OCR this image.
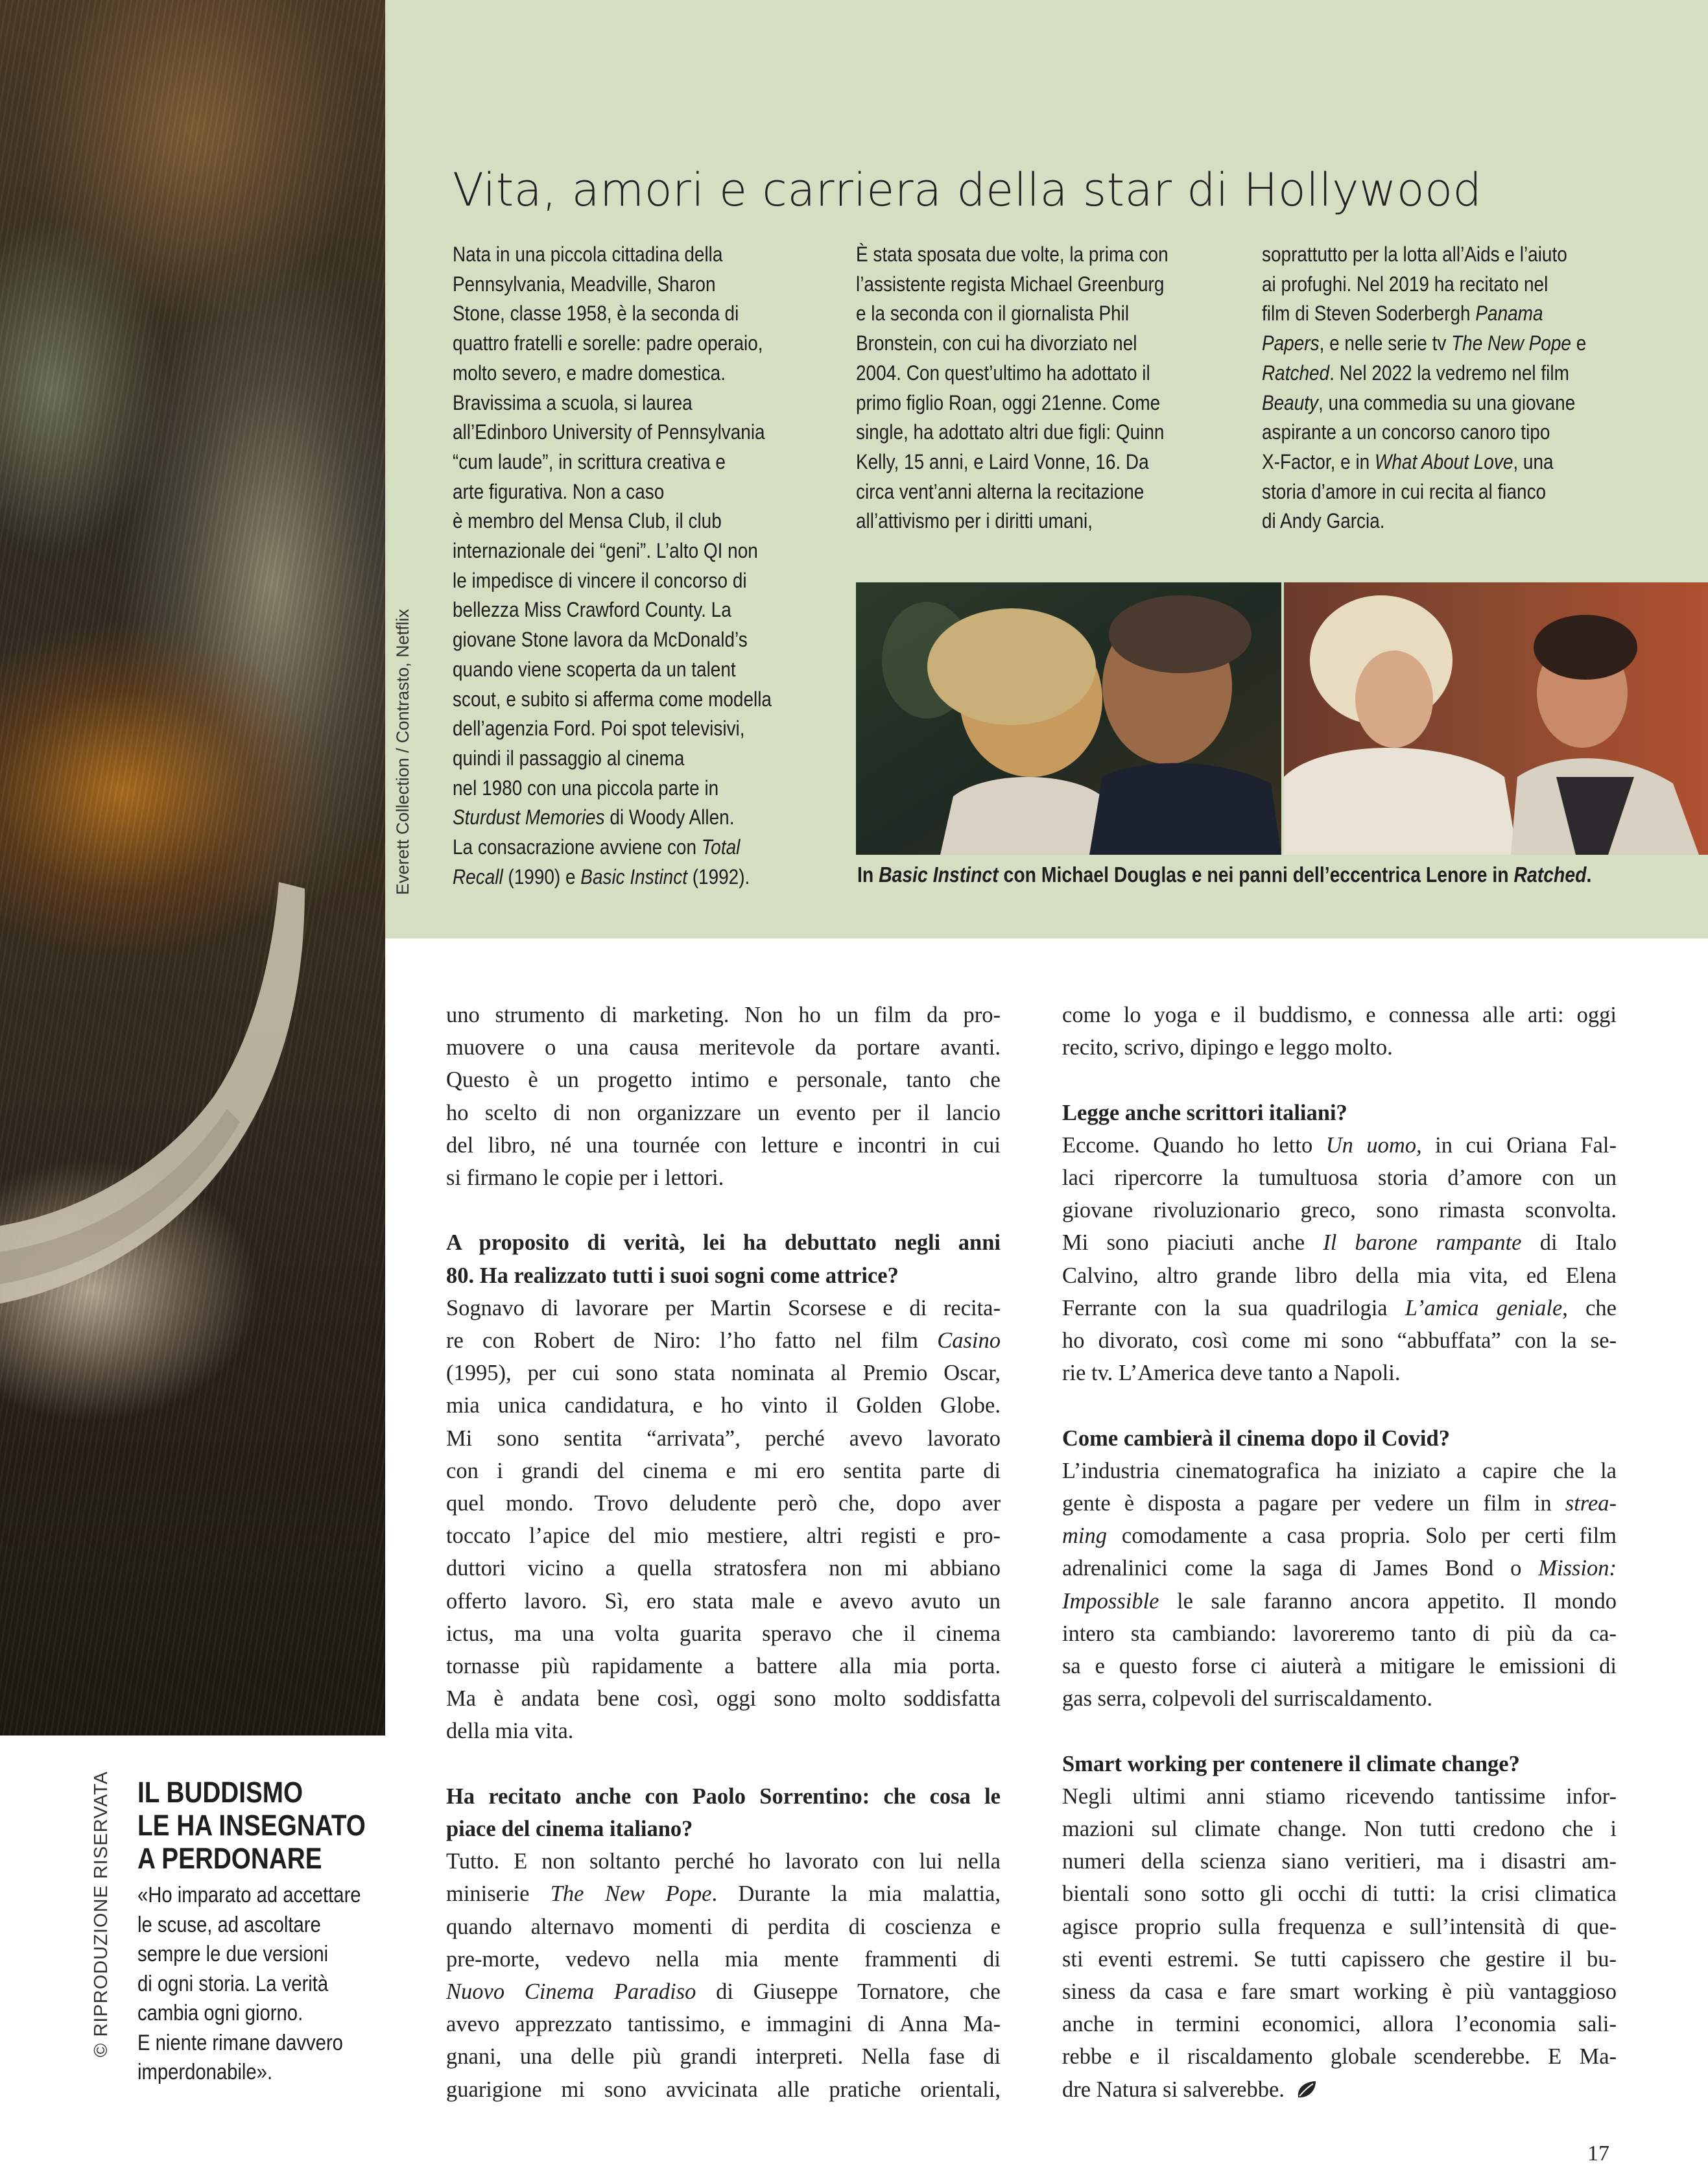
Everett Collection / Contrasto, Netflix
Vita, amori e carriera della star di Hollywood

Nata in una piccola cittadina della

Pennsylvania, Meadville, Sharon

Stone, classe 1958, è la seconda di

quattro fratelli e sorelle: padre operaio,

molto severo, e madre domestica.

Bravissima a scuola, si laurea

all’Edinboro University of Pennsylvania

“cum laude”, in scrittura creativa e

arte figurativa. Non a caso

è membro del Mensa Club, il club

internazionale dei “geni”. L’alto QI non

le impedisce di vincere il concorso di

bellezza Miss Crawford County. La

giovane Stone lavora da McDonald’s

quando viene scoperta da un talent

scout, e subito si afferma come modella

dell’agenzia Ford. Poi spot televisivi,

quindi il passaggio al cinema

nel 1980 con una piccola parte in

Sturdust Memories di Woody Allen.

La consacrazione avviene con Total

Recall (1990) e Basic Instinct (1992).

È stata sposata due volte, la prima con

l’assistente regista Michael Greenburg

e la seconda con il giornalista Phil

Bronstein, con cui ha divorziato nel

2004. Con quest’ultimo ha adottato il

primo figlio Roan, oggi 21enne. Come

single, ha adottato altri due figli: Quinn

Kelly, 15 anni, e Laird Vonne, 16. Da

circa vent’anni alterna la recitazione

all’attivismo per i diritti umani,

soprattutto per la lotta all’Aids e l’aiuto

ai profughi. Nel 2019 ha recitato nel

film di Steven Soderbergh Panama

Papers, e nelle serie tv The New Pope e

Ratched. Nel 2022 la vedremo nel film

Beauty, una commedia su una giovane

aspirante a un concorso canoro tipo

X-Factor, e in What About Love, una

storia d’amore in cui recita al fianco

di Andy Garcia.

In Basic Instinct con Michael Douglas e nei panni dell’eccentrica Lenore in Ratched.
uno strumento di marketing. Non ho un film da pro-
muovere o una causa meritevole da portare avanti.
Questo è un progetto intimo e personale, tanto che
ho scelto di non organizzare un evento per il lancio
del libro, né una tournée con letture e incontri in cui
si firmano le copie per i lettori.
A proposito di verità, lei ha debuttato negli anni
80. Ha realizzato tutti i suoi sogni come attrice?
Sognavo di lavorare per Martin Scorsese e di recita-
re con Robert de Niro: l’ho fatto nel film Casino
(1995), per cui sono stata nominata al Premio Oscar,
mia unica candidatura, e ho vinto il Golden Globe.
Mi sono sentita “arrivata”, perché avevo lavorato
con i grandi del cinema e mi ero sentita parte di
quel mondo. Trovo deludente però che, dopo aver
toccato l’apice del mio mestiere, altri registi e pro-
duttori vicino a quella stratosfera non mi abbiano
offerto lavoro. Sì, ero stata male e avevo avuto un
ictus, ma una volta guarita speravo che il cinema
tornasse più rapidamente a battere alla mia porta.
Ma è andata bene così, oggi sono molto soddisfatta
della mia vita.
Ha recitato anche con Paolo Sorrentino: che cosa le
piace del cinema italiano?
Tutto. E non soltanto perché ho lavorato con lui nella
miniserie The New Pope. Durante la mia malattia,
quando alternavo momenti di perdita di coscienza e
pre-morte, vedevo nella mia mente frammenti di
Nuovo Cinema Paradiso di Giuseppe Tornatore, che
avevo apprezzato tantissimo, e immagini di Anna Ma-
gnani, una delle più grandi interpreti. Nella fase di
guarigione mi sono avvicinata alle pratiche orientali,
come lo yoga e il buddismo, e connessa alle arti: oggi
recito, scrivo, dipingo e leggo molto.
Legge anche scrittori italiani?
Eccome. Quando ho letto Un uomo, in cui Oriana Fal-
laci ripercorre la tumultuosa storia d’amore con un
giovane rivoluzionario greco, sono rimasta sconvolta.
Mi sono piaciuti anche Il barone rampante di Italo
Calvino, altro grande libro della mia vita, ed Elena
Ferrante con la sua quadrilogia L’amica geniale, che
ho divorato, così come mi sono “abbuffata” con la se-
rie tv. L’America deve tanto a Napoli.
Come cambierà il cinema dopo il Covid?
L’industria cinematografica ha iniziato a capire che la
gente è disposta a pagare per vedere un film in strea-
ming comodamente a casa propria. Solo per certi film
adrenalinici come la saga di James Bond o Mission:
Impossible le sale faranno ancora appetito. Il mondo
intero sta cambiando: lavoreremo tanto di più da ca-
sa e questo forse ci aiuterà a mitigare le emissioni di
gas serra, colpevoli del surriscaldamento.
Smart working per contenere il climate change?
Negli ultimi anni stiamo ricevendo tantissime infor-
mazioni sul climate change. Non tutti credono che i
numeri della scienza siano veritieri, ma i disastri am-
bientali sono sotto gli occhi di tutti: la crisi climatica
agisce proprio sulla frequenza e sull’intensità di que-
sti eventi estremi. Se tutti capissero che gestire il bu-
siness da casa e fare smart working è più vantaggioso
anche in termini economici, allora l’economia sali-
rebbe e il riscaldamento globale scenderebbe. E Ma-
dre Natura si salverebbe.
© RIPRODUZIONE RISERVATA IL BUDDISMO
LE HA INSEGNATO
A PERDONARE
«Ho imparato ad accettare
le scuse, ad ascoltare
sempre le due versioni
di ogni storia. La verità
cambia ogni giorno.
E niente rimane davvero
imperdonabile».
17
